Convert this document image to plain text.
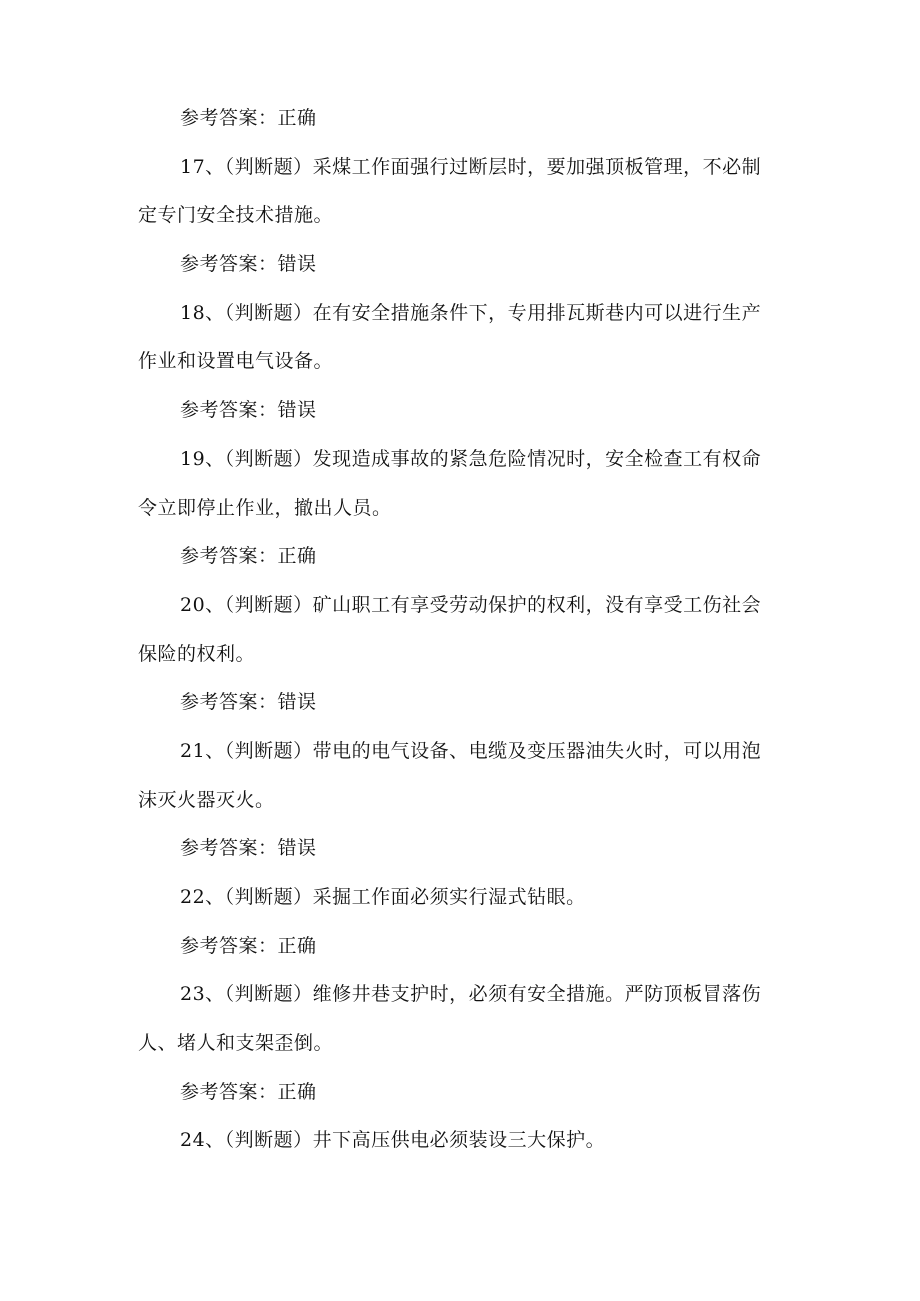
参考答案：正确
17、（判断题）采煤工作面强行过断层时，要加强顶板管理，不必制
定专门安全技术措施。
参考答案：错误
18、（判断题）在有安全措施条件下，专用排瓦斯巷内可以进行生产
作业和设置电气设备。
参考答案：错误
19、（判断题）发现造成事故的紧急危险情况时，安全检查工有权命
令立即停止作业，撤出人员。
参考答案：正确
20、（判断题）矿山职工有享受劳动保护的权利，没有享受工伤社会
保险的权利。
参考答案：错误
21、（判断题）带电的电气设备、电缆及变压器油失火时，可以用泡
沫灭火器灭火。
参考答案：错误
22、（判断题）采掘工作面必须实行湿式钻眼。
参考答案：正确
23、（判断题）维修井巷支护时，必须有安全措施。严防顶板冒落伤
人、堵人和支架歪倒。
参考答案：正确
24、（判断题）井下高压供电必须装设三大保护。
